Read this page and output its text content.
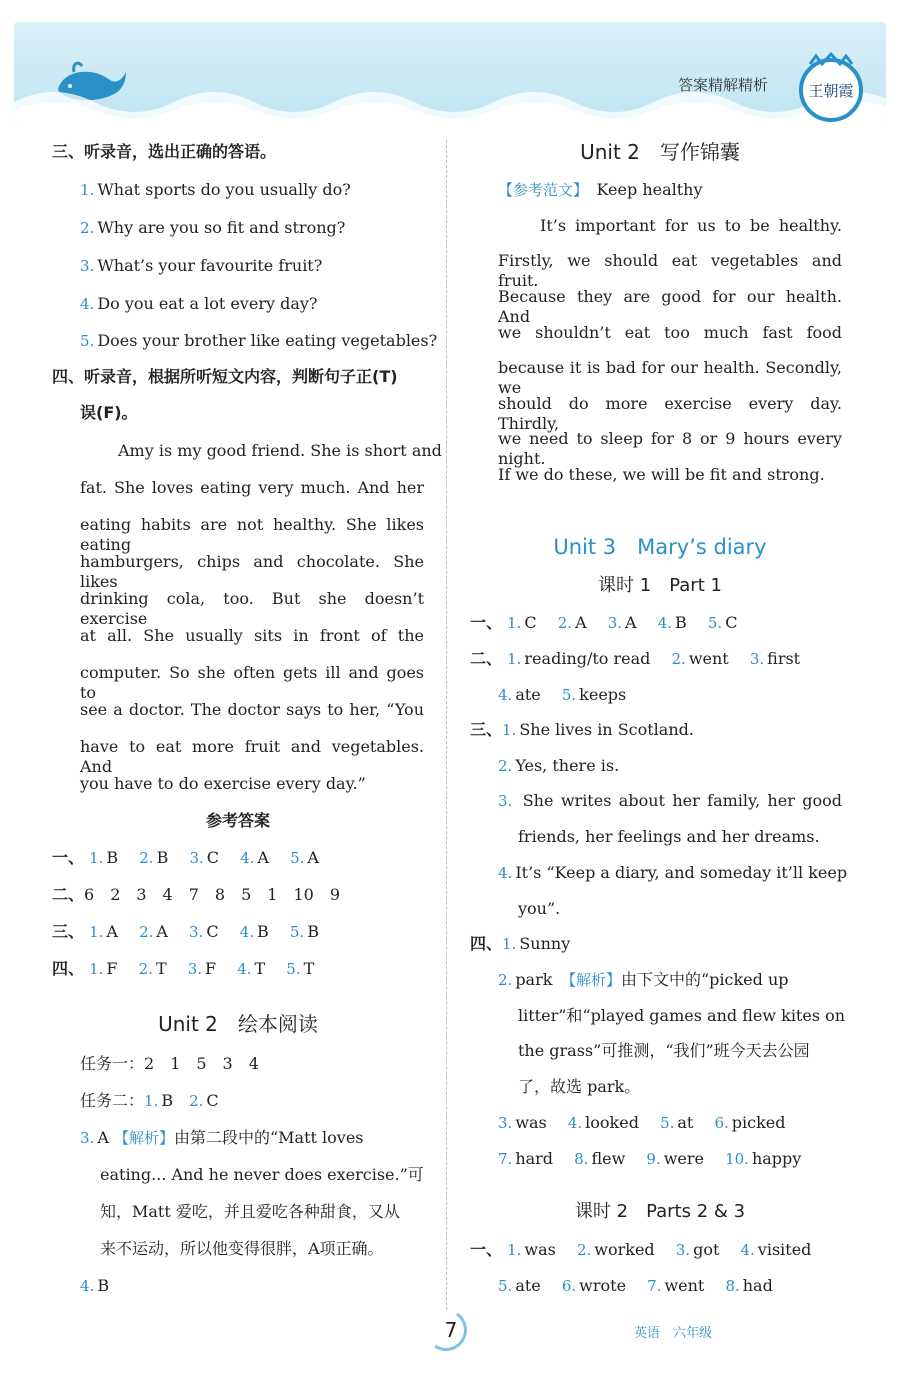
答案精解精析	王朝霞
三、听录音，选出正确的答语。
1. What sports do you usually do?
2. Why are you so fit and strong?
3. What’s your favourite fruit?
4. Do you eat a lot every day?
5. Does your brother like eating vegetables?
四、听录音，根据所听短文内容，判断句子正(T)
误(F)。
Amy is my good friend. She is short and
fat. She loves eating very much. And her
eating habits are not healthy. She likes eating
hamburgers, chips and chocolate. She likes
drinking cola, too. But she doesn’t exercise
at all. She usually sits in front of the
computer. So she often gets ill and goes to
see a doctor. The doctor says to her, “You
have to eat more fruit and vegetables. And
you have to do exercise every day.”
参考答案
一、 1. B　 2. B　 3. C　 4. A　 5. A
二、6　2　3　4　7　8　5　1　10　9
三、 1. A　 2. A　 3. C　 4. B　 5. B
四、 1. F　 2. T　 3. F　 4. T　 5. T
Unit 2　绘本阅读
任务一：2　1　5　3　4
任务二：1. B　 2. C
3. A 【解析】由第二段中的“Matt loves
eating... And he never does exercise.”可
知，Matt 爱吃，并且爱吃各种甜食，又从
来不运动，所以他变得很胖，A项正确。
4. B
Unit 2　写作锦囊
【参考范文】　 Keep healthy
It’s important for us to be healthy.
Firstly, we should eat vegetables and fruit.
Because they are good for our health. And
we shouldn’t eat too much fast food
because it is bad for our health. Secondly, we
should do more exercise every day. Thirdly,
we need to sleep for 8 or 9 hours every night.
If we do these, we will be fit and strong.
Unit 3　Mary’s diary
课时 1　Part 1
一、 1. C　 2. A　 3. A　 4. B　 5. C
二、 1. reading/to read　 2. went　 3. first
4. ate　 5. keeps
三、1. She lives in Scotland.
2. Yes, there is.
3. She writes about her family, her good
friends, her feelings and her dreams.
4. It’s “Keep a diary, and someday it’ll keep
you”.
四、1. Sunny
2. park　 【解析】由下文中的“picked up
litter”和“played games and flew kites on
the grass”可推测，“我们”班今天去公园
了，故选 park。
3. was　 4. looked　 5. at　 6. picked
7. hard　 8. flew　 9. were　 10. happy
课时 2　Parts 2 & 3
一、 1. was　 2. worked　 3. got　 4. visited
5. ate　 6. wrote　 7. went　 8. had
7	英语　六年级
